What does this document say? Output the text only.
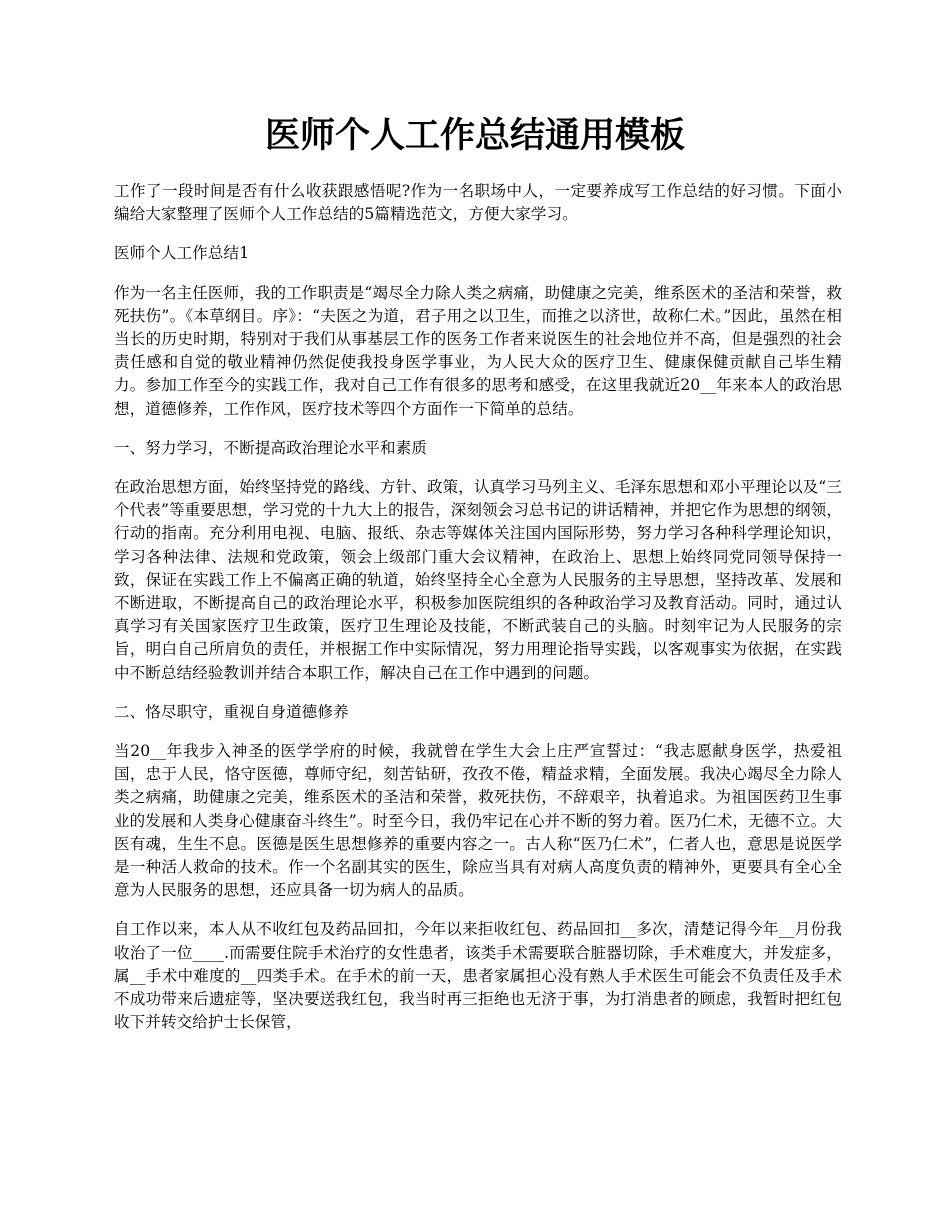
医师个人工作总结通用模板

工作了一段时间是否有什么收获跟感悟呢?作为一名职场中人，一定要养成写工作总结的好习惯。下面小编给大家整理了医师个人工作总结的5篇精选范文，方便大家学习。

医师个人工作总结1

作为一名主任医师，我的工作职责是“竭尽全力除人类之病痛，助健康之完美，维系医术的圣洁和荣誉，救死扶伤”。《本草纲目。序》：“夫医之为道，君子用之以卫生，而推之以济世，故称仁术。”因此，虽然在相当长的历史时期，特别对于我们从事基层工作的医务工作者来说医生的社会地位并不高，但是强烈的社会责任感和自觉的敬业精神仍然促使我投身医学事业，为人民大众的医疗卫生、健康保健贡献自己毕生精力。参加工作至今的实践工作，我对自己工作有很多的思考和感受，在这里我就近20__年来本人的政治思想，道德修养，工作作风，医疗技术等四个方面作一下简单的总结。

一、努力学习，不断提高政治理论水平和素质

在政治思想方面，始终坚持党的路线、方针、政策，认真学习马列主义、毛泽东思想和邓小平理论以及“三个代表”等重要思想，学习党的十九大上的报告，深刻领会习总书记的讲话精神，并把它作为思想的纲领，行动的指南。充分利用电视、电脑、报纸、杂志等媒体关注国内国际形势，努力学习各种科学理论知识，学习各种法律、法规和党政策，领会上级部门重大会议精神，在政治上、思想上始终同党同领导保持一致，保证在实践工作上不偏离正确的轨道，始终坚持全心全意为人民服务的主导思想，坚持改革、发展和不断进取，不断提高自己的政治理论水平，积极参加医院组织的各种政治学习及教育活动。同时，通过认真学习有关国家医疗卫生政策，医疗卫生理论及技能，不断武装自己的头脑。时刻牢记为人民服务的宗旨，明白自己所肩负的责任，并根据工作中实际情况，努力用理论指导实践，以客观事实为依据，在实践中不断总结经验教训并结合本职工作，解决自己在工作中遇到的问题。

二、恪尽职守，重视自身道德修养

当20__年我步入神圣的医学学府的时候，我就曾在学生大会上庄严宣誓过：“我志愿献身医学，热爱祖国，忠于人民，恪守医德，尊师守纪，刻苦钻研，孜孜不倦，精益求精，全面发展。我决心竭尽全力除人类之病痛，助健康之完美，维系医术的圣洁和荣誉，救死扶伤，不辞艰辛，执着追求。为祖国医药卫生事业的发展和人类身心健康奋斗终生”。时至今日，我仍牢记在心并不断的努力着。医乃仁术，无德不立。大医有魂，生生不息。医德是医生思想修养的重要内容之一。古人称“医乃仁术”，仁者人也，意思是说医学是一种活人救命的技术。作一个名副其实的医生，除应当具有对病人高度负责的精神外，更要具有全心全意为人民服务的思想，还应具备一切为病人的品质。

自工作以来，本人从不收红包及药品回扣，今年以来拒收红包、药品回扣__多次，清楚记得今年__月份我收治了一位____.而需要住院手术治疗的女性患者，该类手术需要联合脏器切除，手术难度大，并发症多，属__手术中难度的__四类手术。在手术的前一天，患者家属担心没有熟人手术医生可能会不负责任及手术不成功带来后遗症等，坚决要送我红包，我当时再三拒绝也无济于事，为打消患者的顾虑，我暂时把红包收下并转交给护士长保管，
